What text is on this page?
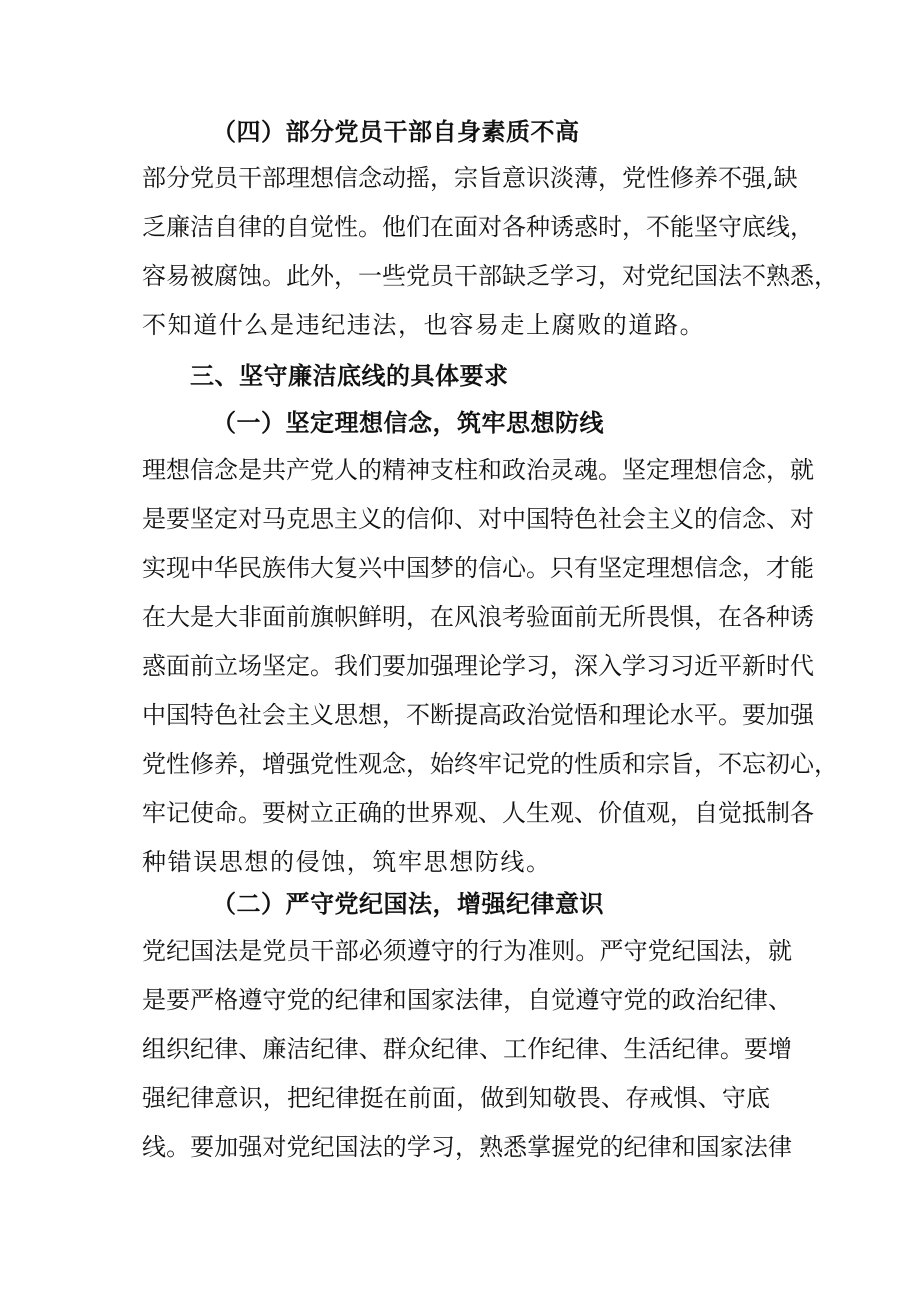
（四）部分党员干部自身素质不高
部分党员干部理想信念动摇，宗旨意识淡薄，党性修养不强,缺
乏廉洁自律的自觉性。他们在面对各种诱惑时，不能坚守底线，
容易被腐蚀。此外，一些党员干部缺乏学习，对党纪国法不熟悉，
不知道什么是违纪违法，也容易走上腐败的道路。
三、坚守廉洁底线的具体要求
（一）坚定理想信念，筑牢思想防线
理想信念是共产党人的精神支柱和政治灵魂。坚定理想信念，就
是要坚定对马克思主义的信仰、对中国特色社会主义的信念、对
实现中华民族伟大复兴中国梦的信心。只有坚定理想信念，才能
在大是大非面前旗帜鲜明，在风浪考验面前无所畏惧，在各种诱
惑面前立场坚定。我们要加强理论学习，深入学习习近平新时代
中国特色社会主义思想，不断提高政治觉悟和理论水平。要加强
党性修养，增强党性观念，始终牢记党的性质和宗旨，不忘初心，
牢记使命。要树立正确的世界观、人生观、价值观，自觉抵制各
种错误思想的侵蚀，筑牢思想防线。
（二）严守党纪国法，增强纪律意识
党纪国法是党员干部必须遵守的行为准则。严守党纪国法，就
是要严格遵守党的纪律和国家法律，自觉遵守党的政治纪律、
组织纪律、廉洁纪律、群众纪律、工作纪律、生活纪律。要增
强纪律意识，把纪律挺在前面，做到知敬畏、存戒惧、守底
线。要加强对党纪国法的学习，熟悉掌握党的纪律和国家法律
